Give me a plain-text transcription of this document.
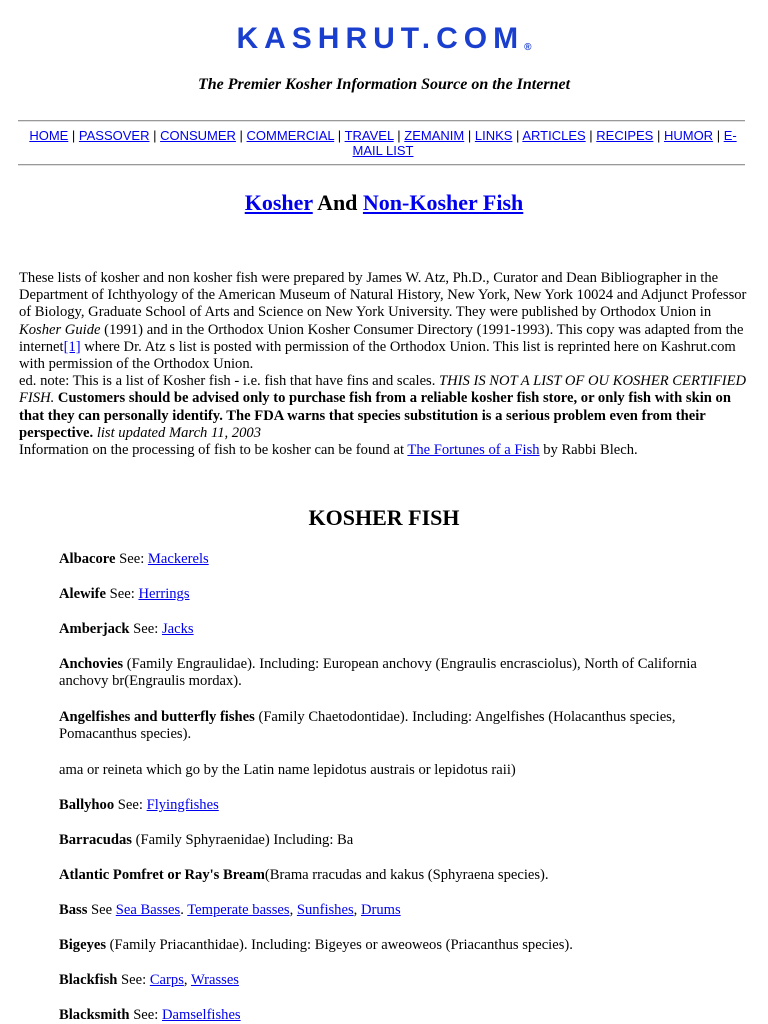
KASHRUT.COM®
The Premier Kosher Information Source on the Internet
HOME | PASSOVER | CONSUMER | COMMERCIAL | TRAVEL | ZEMANIM | LINKS | ARTICLES | RECIPES | HUMOR | E-MAIL LIST
Kosher And Non-Kosher Fish
These lists of kosher and non kosher fish were prepared by James W. Atz, Ph.D., Curator and Dean Bibliographer in the Department of Ichthyology of the American Museum of Natural History, New York, New York 10024 and Adjunct Professor of Biology, Graduate School of Arts and Science on New York University. They were published by Orthodox Union in Kosher Guide (1991) and in the Orthodox Union Kosher Consumer Directory (1991-1993). This copy was adapted from the internet[1] where Dr. Atz s list is posted with permission of the Orthodox Union. This list is reprinted here on Kashrut.com with permission of the Orthodox Union.
ed. note: This is a list of Kosher fish - i.e. fish that have fins and scales. THIS IS NOT A LIST OF OU KOSHER CERTIFIED FISH. Customers should be advised only to purchase fish from a reliable kosher fish store, or only fish with skin on that they can personally identify. The FDA warns that species substitution is a serious problem even from their perspective. list updated March 11, 2003
Information on the processing of fish to be kosher can be found at The Fortunes of a Fish by Rabbi Blech.
KOSHER FISH
Albacore See: Mackerels
Alewife See: Herrings
Amberjack See: Jacks
Anchovies (Family Engraulidae). Including: European anchovy (Engraulis encrasciolus), North of California anchovy br(Engraulis mordax).
Angelfishes and butterfly fishes (Family Chaetodontidae). Including: Angelfishes (Holacanthus species, Pomacanthus species).
ama or reineta which go by the Latin name lepidotus austrais or lepidotus raii)
Ballyhoo See: Flyingfishes
Barracudas (Family Sphyraenidae) Including: Ba
Atlantic Pomfret or Ray's Bream(Brama rracudas and kakus (Sphyraena species).
Bass See Sea Basses. Temperate basses, Sunfishes, Drums
Bigeyes (Family Priacanthidae). Including: Bigeyes or aweoweos (Priacanthus species).
Blackfish See: Carps, Wrasses
Blacksmith See: Damselfishes
